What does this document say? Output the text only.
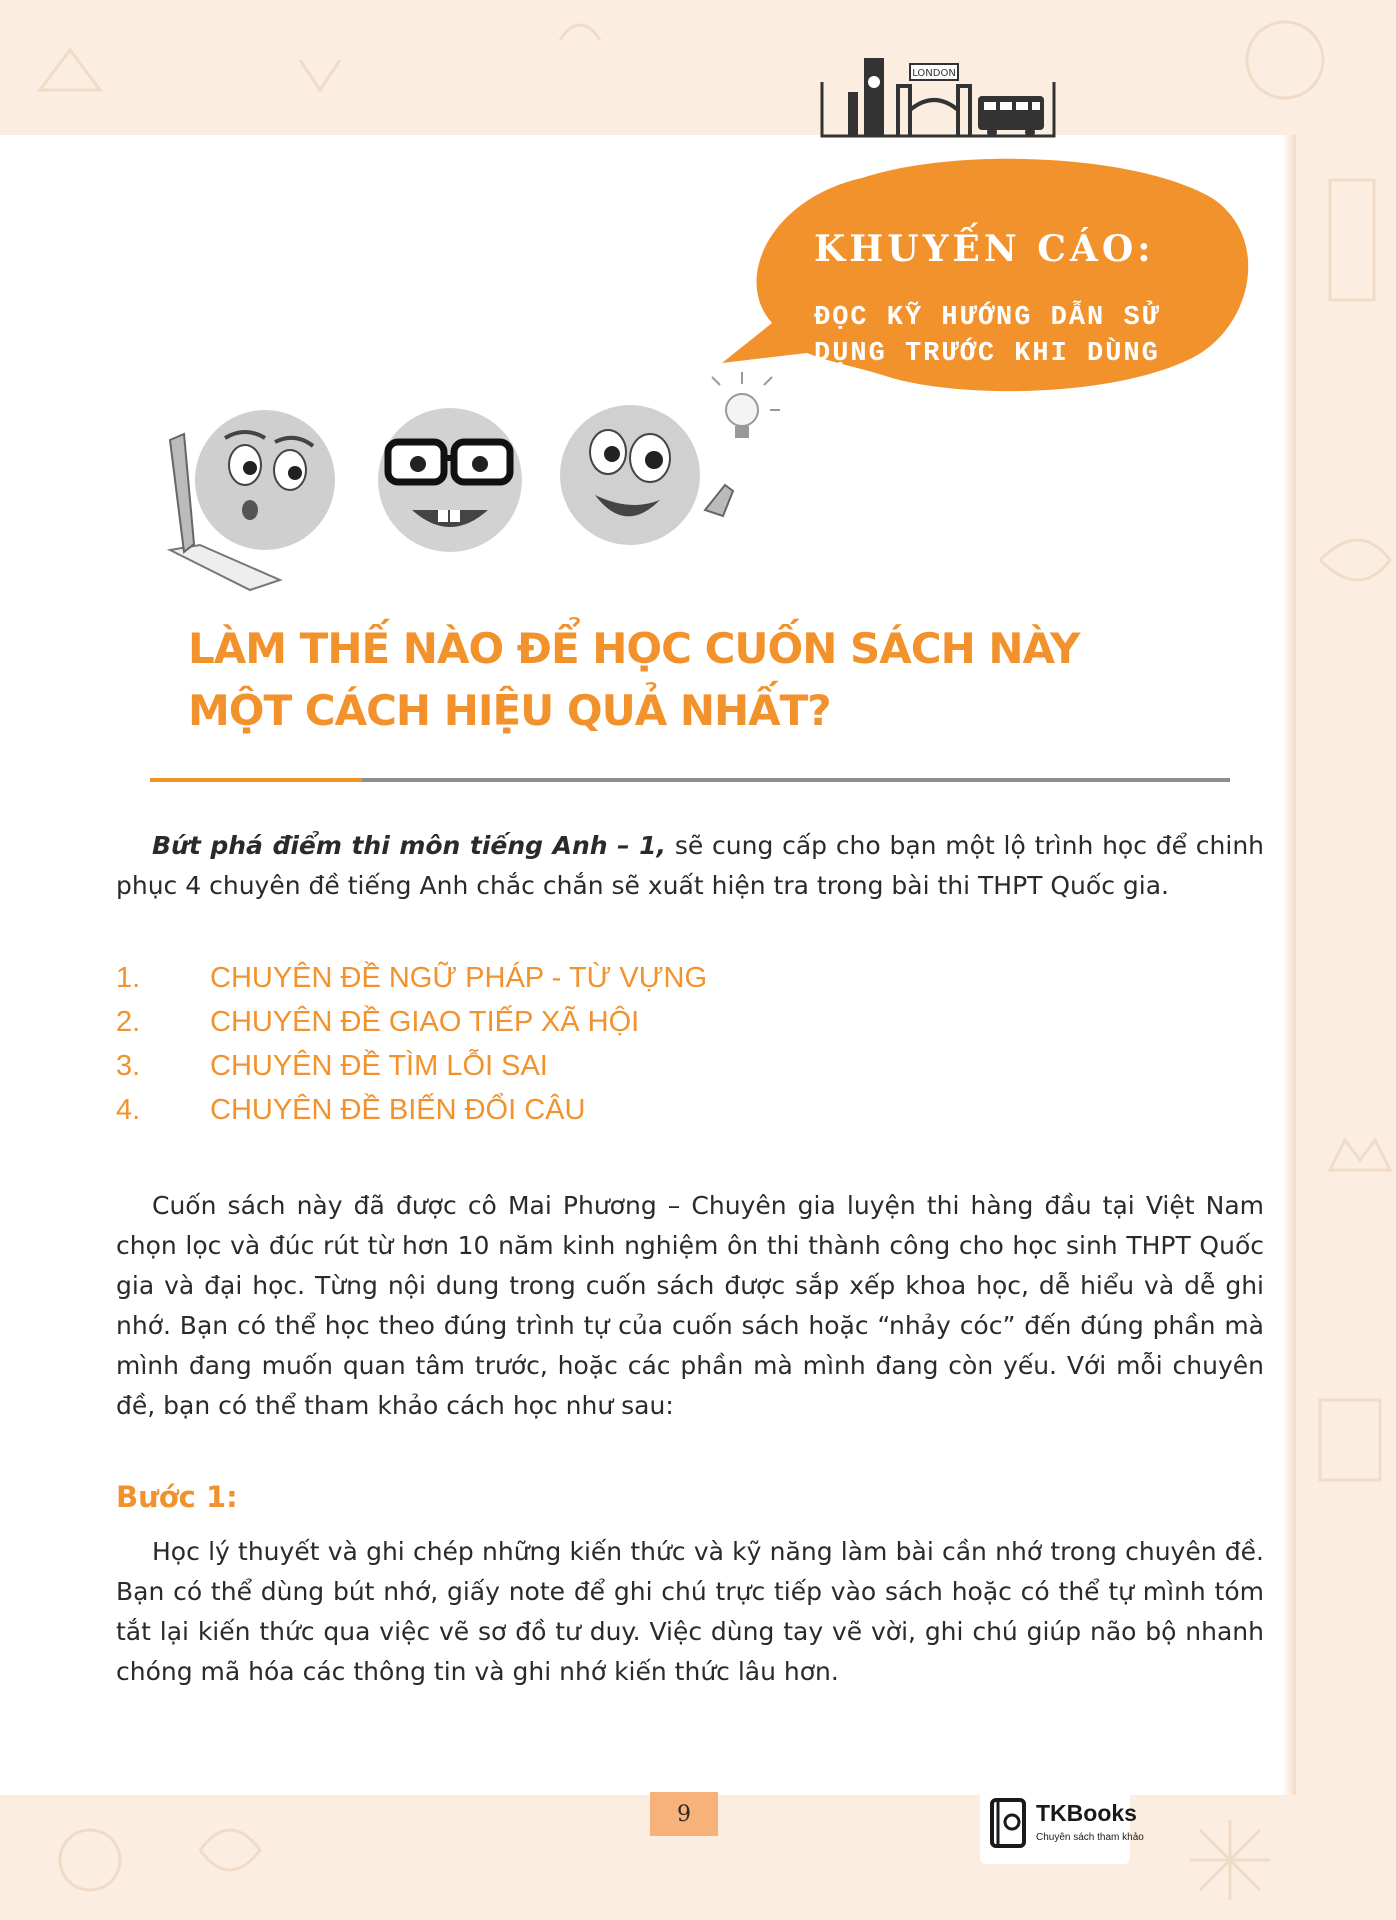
LONDON

KHUYẾN CÁO:

ĐỌC KỸ HƯỚNG DẪN SỬ DỤNG TRƯỚC KHI DÙNG

LÀM THẾ NÀO ĐỂ HỌC CUỐN SÁCH NÀY
MỘT CÁCH HIỆU QUẢ NHẤT?

Bứt phá điểm thi môn tiếng Anh – 1, sẽ cung cấp cho bạn một lộ trình học để chinh phục 4 chuyên đề tiếng Anh chắc chắn sẽ xuất hiện tra trong bài thi THPT Quốc gia.

1.	CHUYÊN ĐỀ NGỮ PHÁP - TỪ VỰNG
2.	CHUYÊN ĐỀ GIAO TIẾP XÃ HỘI
3.	CHUYÊN ĐỀ TÌM LỖI SAI
4.	CHUYÊN ĐỀ BIẾN ĐỔI CÂU

Cuốn sách này đã được cô Mai Phương – Chuyên gia luyện thi hàng đầu tại Việt Nam chọn lọc và đúc rút từ hơn 10 năm kinh nghiệm ôn thi thành công cho học sinh THPT Quốc gia và đại học. Từng nội dung trong cuốn sách được sắp xếp khoa học, dễ hiểu và dễ ghi nhớ. Bạn có thể học theo đúng trình tự của cuốn sách hoặc “nhảy cóc” đến đúng phần mà mình đang muốn quan tâm trước, hoặc các phần mà mình đang còn yếu. Với mỗi chuyên đề, bạn có thể tham khảo cách học như sau:

Bước 1:

Học lý thuyết và ghi chép những kiến thức và kỹ năng làm bài cần nhớ trong chuyên đề. Bạn có thể dùng bút nhớ, giấy note để ghi chú trực tiếp vào sách hoặc có thể tự mình tóm tắt lại kiến thức qua việc vẽ sơ đồ tư duy. Việc dùng tay vẽ vời, ghi chú giúp não bộ nhanh chóng mã hóa các thông tin và ghi nhớ kiến thức lâu hơn.

9	TKBooks

Chuyên sách tham khảo
